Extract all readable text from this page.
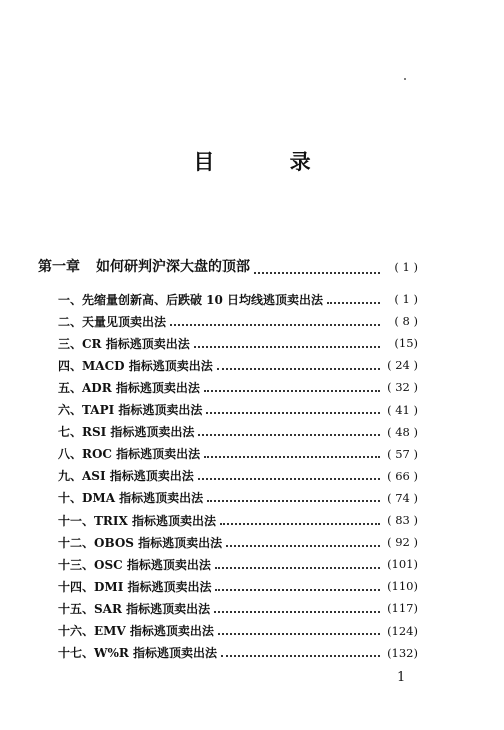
目 录
第一章 如何研判沪深大盘的顶部	( 1 )
一、先缩量创新高、后跌破 10 日均线逃顶卖出法	( 1 )
二、天量见顶卖出法	( 8 )
三、CR 指标逃顶卖出法	(15)
四、MACD 指标逃顶卖出法	( 24 )
五、ADR 指标逃顶卖出法	( 32 )
六、TAPI 指标逃顶卖出法	( 41 )
七、RSI 指标逃顶卖出法	( 48 )
八、ROC 指标逃顶卖出法	( 57 )
九、ASI 指标逃顶卖出法	( 66 )
十、DMA 指标逃顶卖出法	( 74 )
十一、TRIX 指标逃顶卖出法	( 83 )
十二、OBOS 指标逃顶卖出法	( 92 )
十三、OSC 指标逃顶卖出法	(101)
十四、DMI 指标逃顶卖出法	(110)
十五、SAR 指标逃顶卖出法	(117)
十六、EMV 指标逃顶卖出法	(124)
十七、W%R 指标逃顶卖出法	(132)
1
